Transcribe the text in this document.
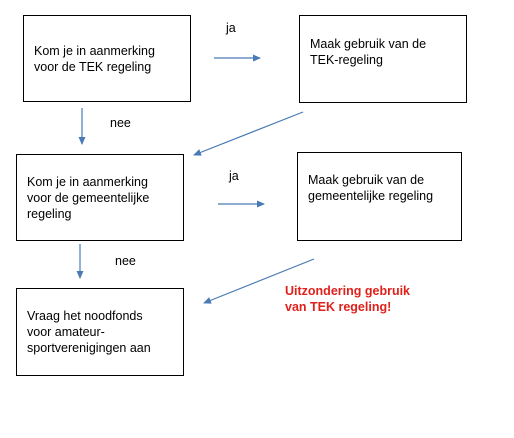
Kom je in aanmerking
voor de TEK regeling
Maak gebruik van de
TEK-regeling
Kom je in aanmerking
voor de gemeentelijke
regeling
Maak gebruik van de
gemeentelijke regeling
Vraag het noodfonds
voor amateur-
sportverenigingen aan
ja
ja
nee
nee
Uitzondering gebruik
van TEK regeling!
